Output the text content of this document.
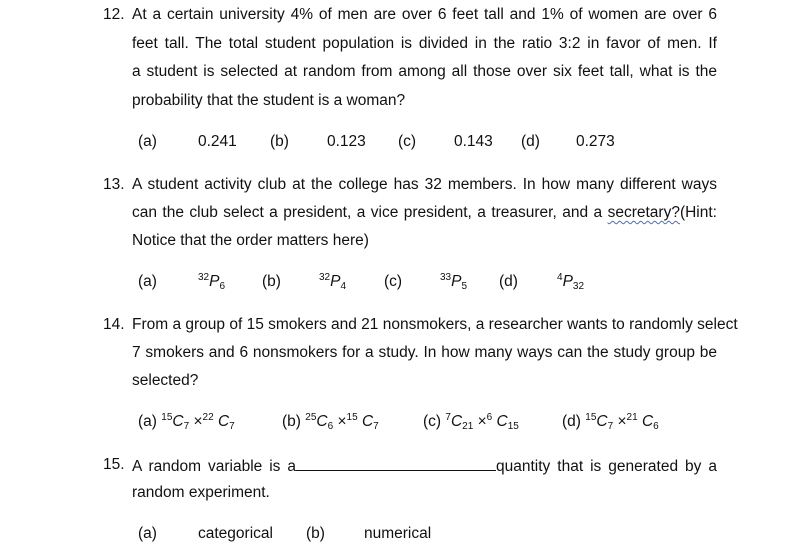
12. At a certain university 4% of men are over 6 feet tall and 1% of women are over 6
feet tall. The total student population is divided in the ratio 3:2 in favor of men. If
a student is selected at random from among all those over six feet tall, what is the
probability that the student is a woman?
(a)	0.241 (b) 0.123 (c) 0.143 (d) 0.273
13. A student activity club at the college has 32 members. In how many different ways
can the club select a president, a vice president, a treasurer, and a secretary?(Hint:
Notice that the order matters here)
(a)	$^{32}P_6$ (b)	$^{32}P_4$ (c)	$^{33}P_5$ (d)	$^4P_{32}$
14. From a group of 15 smokers and 21 nonsmokers, a researcher wants to randomly select
7 smokers and 6 nonsmokers for a study. In how many ways can the study group be
selected?
(a) $^{15}C_7 \times^{22}$ $C_7$	(b) $^{25}C_6 \times^{15}$ $C_7$	(c) $^7C_{21} \times^6$ $C_{15}$	(d) $^{15}C_7 \times^{21}$ $C_6$
15. A random variable is a	quantity that is generated by a
random experiment.
(a)	categorical (b)	numerical
